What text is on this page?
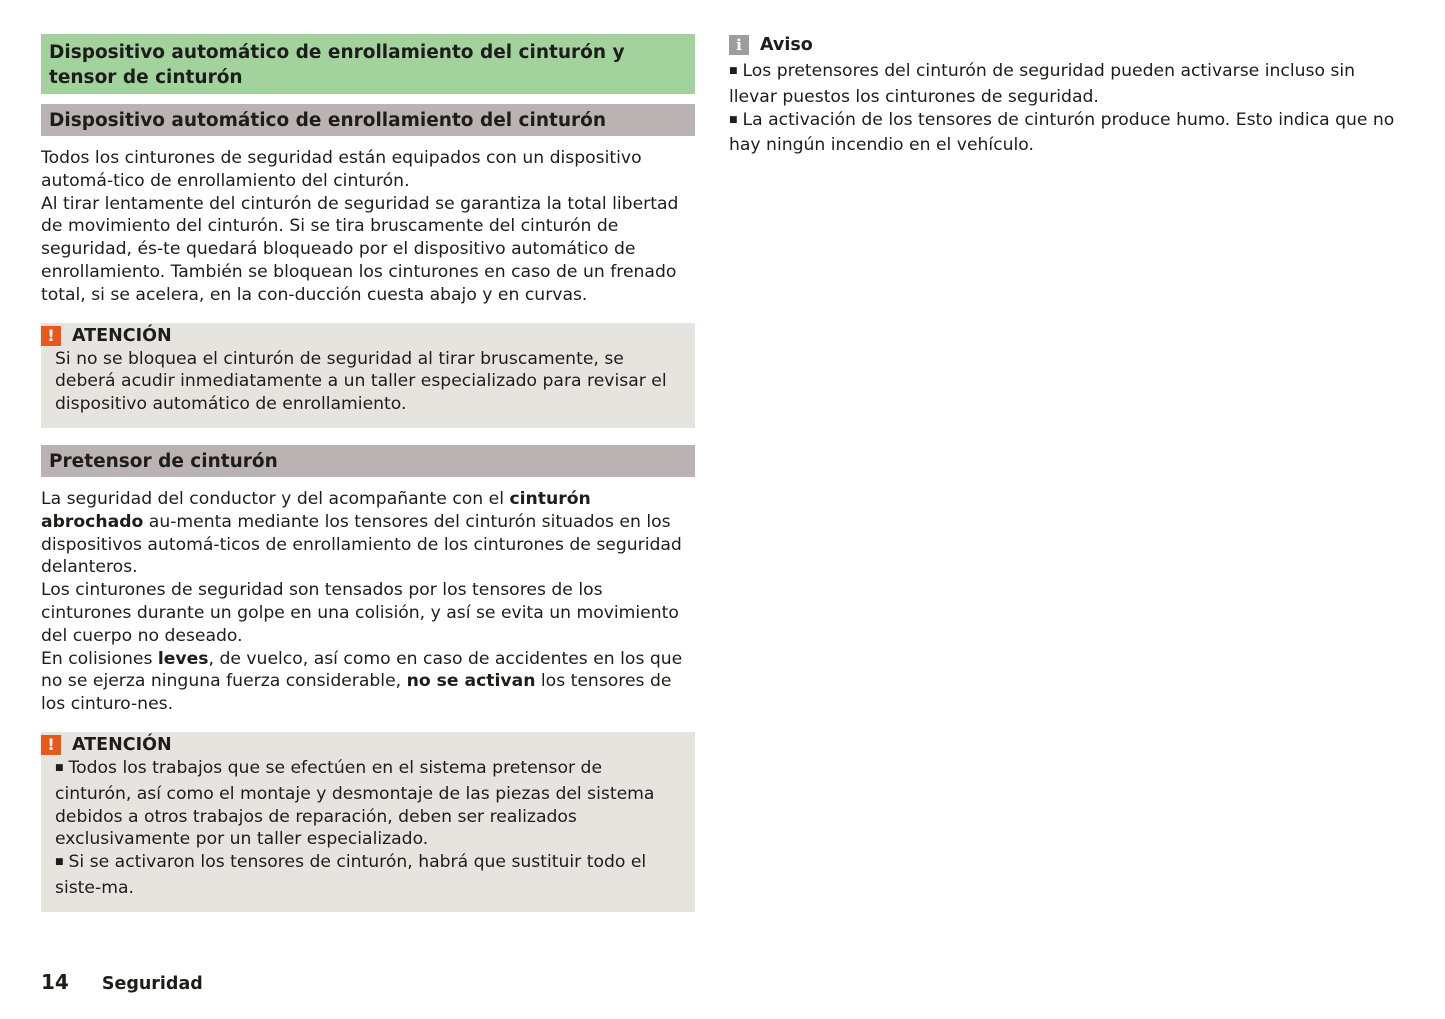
Dispositivo automático de enrollamiento del cinturón y tensor de cinturón
Dispositivo automático de enrollamiento del cinturón

Todos los cinturones de seguridad están equipados con un dispositivo automá-tico de enrollamiento del cinturón.

Al tirar lentamente del cinturón de seguridad se garantiza la total libertad de movimiento del cinturón. Si se tira bruscamente del cinturón de seguridad, és-te quedará bloqueado por el dispositivo automático de enrollamiento. También se bloquean los cinturones en caso de un frenado total, si se acelera, en la con-ducción cuesta abajo y en curvas.

! ATENCIÓN
Si no se bloquea el cinturón de seguridad al tirar bruscamente, se deberá acudir inmediatamente a un taller especializado para revisar el dispositivo automático de enrollamiento.
Pretensor de cinturón

La seguridad del conductor y del acompañante con el cinturón abrochado au-menta mediante los tensores del cinturón situados en los dispositivos automá-ticos de enrollamiento de los cinturones de seguridad delanteros.

Los cinturones de seguridad son tensados por los tensores de los cinturones durante un golpe en una colisión, y así se evita un movimiento del cuerpo no deseado.

En colisiones leves, de vuelco, así como en caso de accidentes en los que no se ejerza ninguna fuerza considerable, no se activan los tensores de los cinturo-nes.

! ATENCIÓN
■ Todos los trabajos que se efectúen en el sistema pretensor de cinturón, así como el montaje y desmontaje de las piezas del sistema debidos a otros trabajos de reparación, deben ser realizados exclusivamente por un taller especializado.
■ Si se activaron los tensores de cinturón, habrá que sustituir todo el siste-ma.
i	Aviso
■ Los pretensores del cinturón de seguridad pueden activarse incluso sin llevar puestos los cinturones de seguridad.
■ La activación de los tensores de cinturón produce humo. Esto indica que no hay ningún incendio en el vehículo.
14 Seguridad
